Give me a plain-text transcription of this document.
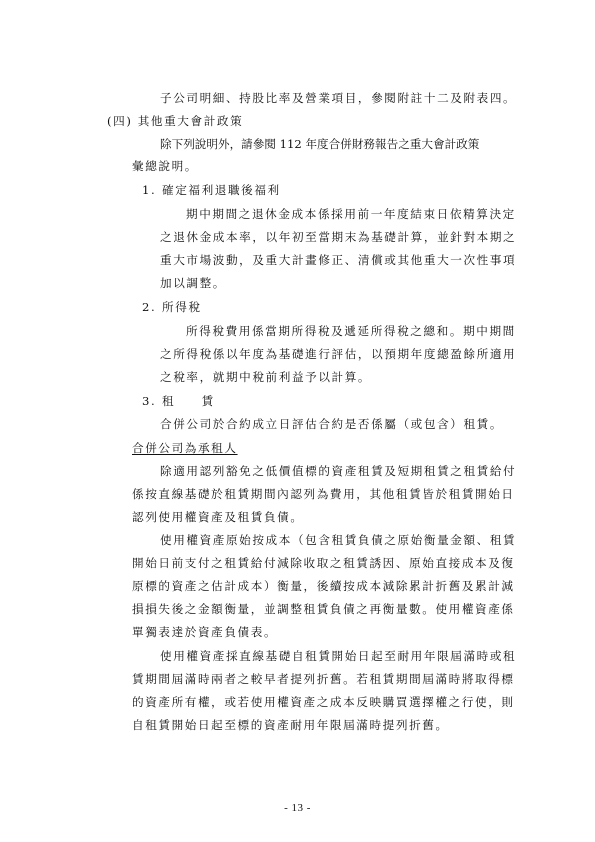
子公司明細、持股比率及營業項目，參閱附註十二及附表四。
(四) 其他重大會計政策
除下列說明外，請參閱 112 年度合併財務報告之重大會計政策
彙總說明。
1. 確定福利退職後福利
期中期間之退休金成本係採用前一年度結束日依精算決定
之退休金成本率，以年初至當期末為基礎計算，並針對本期之
重大市場波動，及重大計畫修正、清償或其他重大一次性事項
加以調整。
2. 所得稅
所得稅費用係當期所得稅及遞延所得稅之總和。期中期間
之所得稅係以年度為基礎進行評估，以預期年度總盈餘所適用
之稅率，就期中稅前利益予以計算。
3. 租　　賃
合併公司於合約成立日評估合約是否係屬（或包含）租賃。
合併公司為承租人
除適用認列豁免之低價值標的資產租賃及短期租賃之租賃給付
係按直線基礎於租賃期間內認列為費用，其他租賃皆於租賃開始日
認列使用權資產及租賃負債。
使用權資產原始按成本（包含租賃負債之原始衡量金額、租賃
開始日前支付之租賃給付減除收取之租賃誘因、原始直接成本及復
原標的資產之估計成本）衡量，後續按成本減除累計折舊及累計減
損損失後之金額衡量，並調整租賃負債之再衡量數。使用權資產係
單獨表達於資產負債表。
使用權資產採直線基礎自租賃開始日起至耐用年限屆滿時或租
賃期間屆滿時兩者之較早者提列折舊。若租賃期間屆滿時將取得標
的資產所有權，或若使用權資產之成本反映購買選擇權之行使，則
自租賃開始日起至標的資產耐用年限屆滿時提列折舊。
- 13 -
